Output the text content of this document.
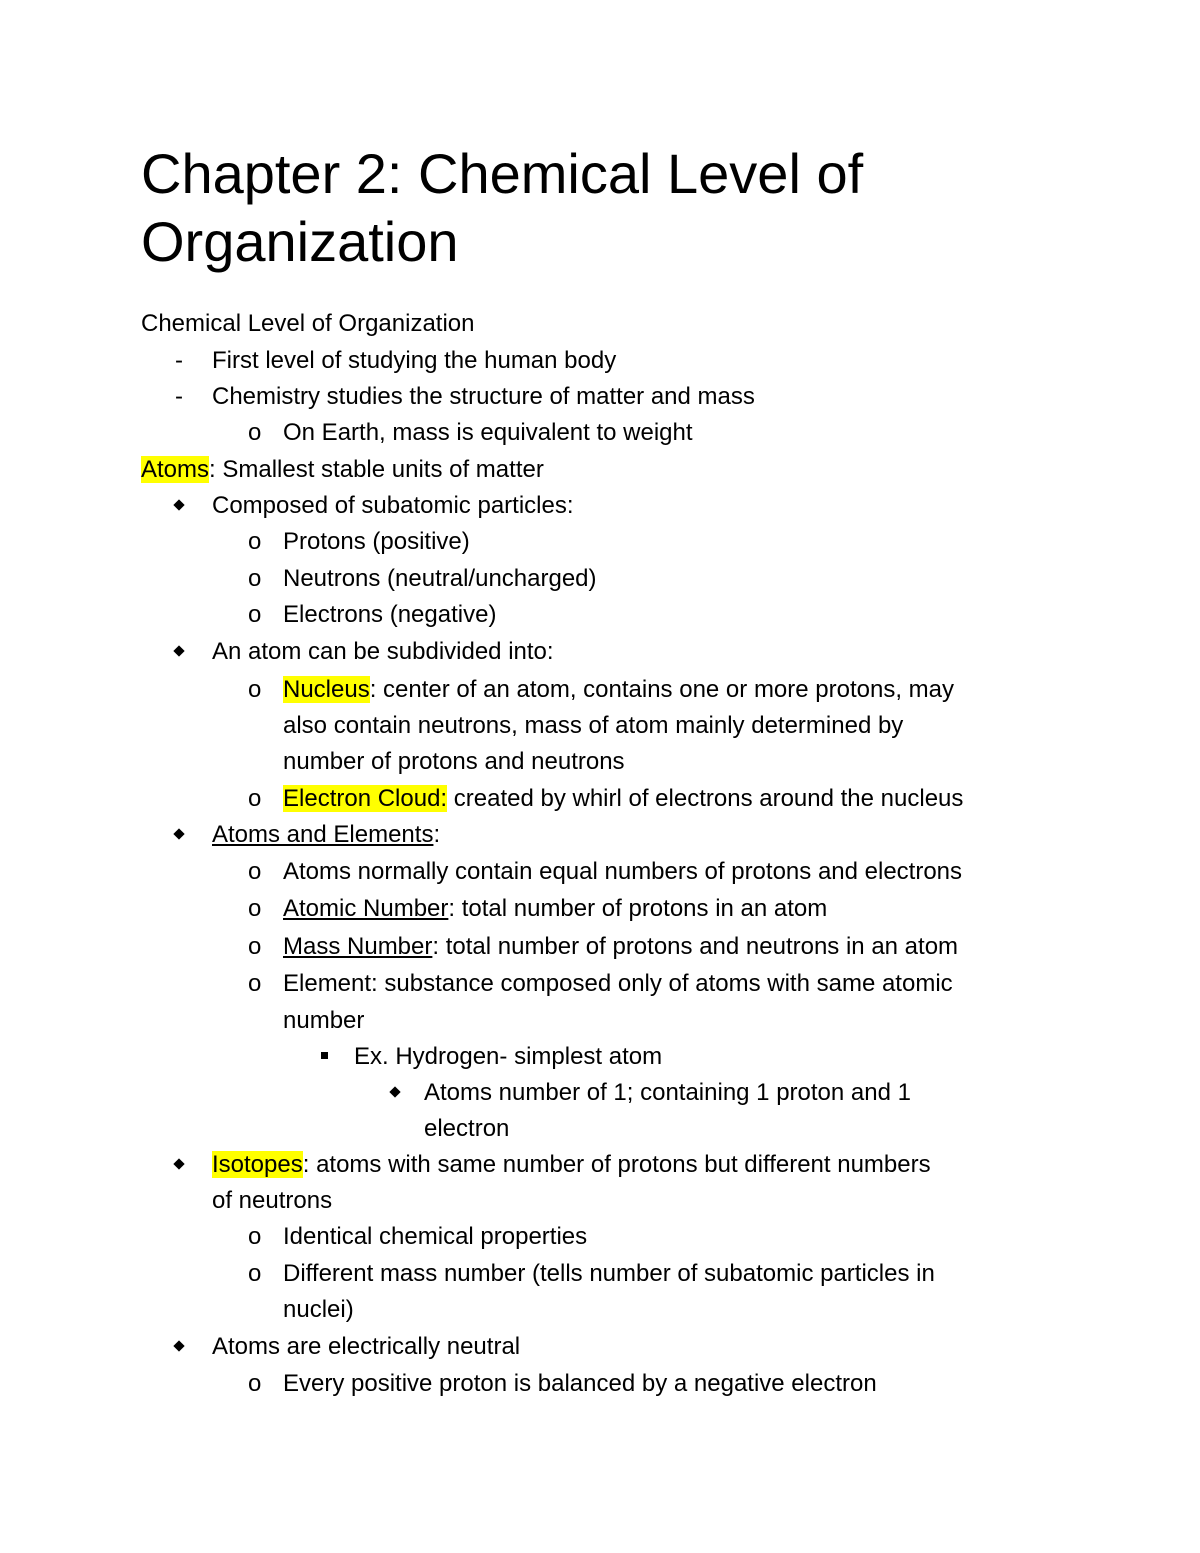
Chapter 2: Chemical Level of Organization
Chemical Level of Organization
-	First level of studying the human body
-	Chemistry studies the structure of matter and mass
o On Earth, mass is equivalent to weight
Atoms: Smallest stable units of matter
Composed of subatomic particles:
o Protons (positive)
o Neutrons (neutral/uncharged)
o Electrons (negative)
An atom can be subdivided into:
o Nucleus: center of an atom, contains one or more protons, may
also contain neutrons, mass of atom mainly determined by
number of protons and neutrons
o Electron Cloud: created by whirl of electrons around the nucleus
Atoms and Elements:
o Atoms normally contain equal numbers of protons and electrons
o Atomic Number: total number of protons in an atom
o Mass Number: total number of protons and neutrons in an atom
o Element: substance composed only of atoms with same atomic
number
Ex. Hydrogen- simplest atom
Atoms number of 1; containing 1 proton and 1
electron
Isotopes: atoms with same number of protons but different numbers
of neutrons
o Identical chemical properties
o Different mass number (tells number of subatomic particles in
nuclei)
Atoms are electrically neutral
o Every positive proton is balanced by a negative electron
